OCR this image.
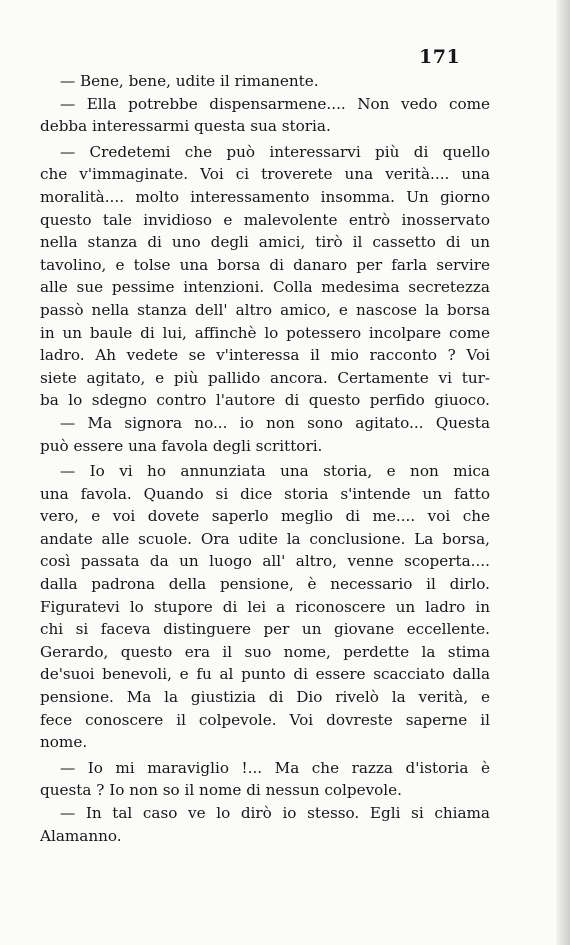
171
— Bene, bene, udite il rimanente.
— Ella potrebbe dispensarmene.... Non vedo come
debba interessarmi questa sua storia.
— Credetemi che può interessarvi più di quello
che v'immaginate. Voi ci troverete una verità.... una
moralità.... molto interessamento insomma. Un giorno
questo tale invidioso e malevolente entrò inosservato
nella stanza di uno degli amici, tirò il cassetto di un
tavolino, e tolse una borsa di danaro per farla servire
alle sue pessime intenzioni. Colla medesima secretezza
passò nella stanza dell' altro amico, e nascose la borsa
in un baule di lui, affinchè lo potessero incolpare come
ladro. Ah vedete se v'interessa il mio racconto ? Voi
siete agitato, e più pallido ancora. Certamente vi tur-
ba lo sdegno contro l'autore di questo perfido giuoco.
— Ma signora no... io non sono agitato... Questa
può essere una favola degli scrittori.
— Io vi ho annunziata una storia, e non mica
una favola. Quando si dice storia s'intende un fatto
vero, e voi dovete saperlo meglio di me.... voi che
andate alle scuole. Ora udite la conclusione. La borsa,
così passata da un luogo all' altro, venne scoperta....
dalla padrona della pensione, è necessario il dirlo.
Figuratevi lo stupore di lei a riconoscere un ladro in
chi si faceva distinguere per un giovane eccellente.
Gerardo, questo era il suo nome, perdette la stima
de'suoi benevoli, e fu al punto di essere scacciato dalla
pensione. Ma la giustizia di Dio rivelò la verità, e
fece conoscere il colpevole. Voi dovreste saperne il
nome.
— Io mi maraviglio !... Ma che razza d'istoria è
questa ? Io non so il nome di nessun colpevole.
— In tal caso ve lo dirò io stesso. Egli si chiama
Alamanno.
